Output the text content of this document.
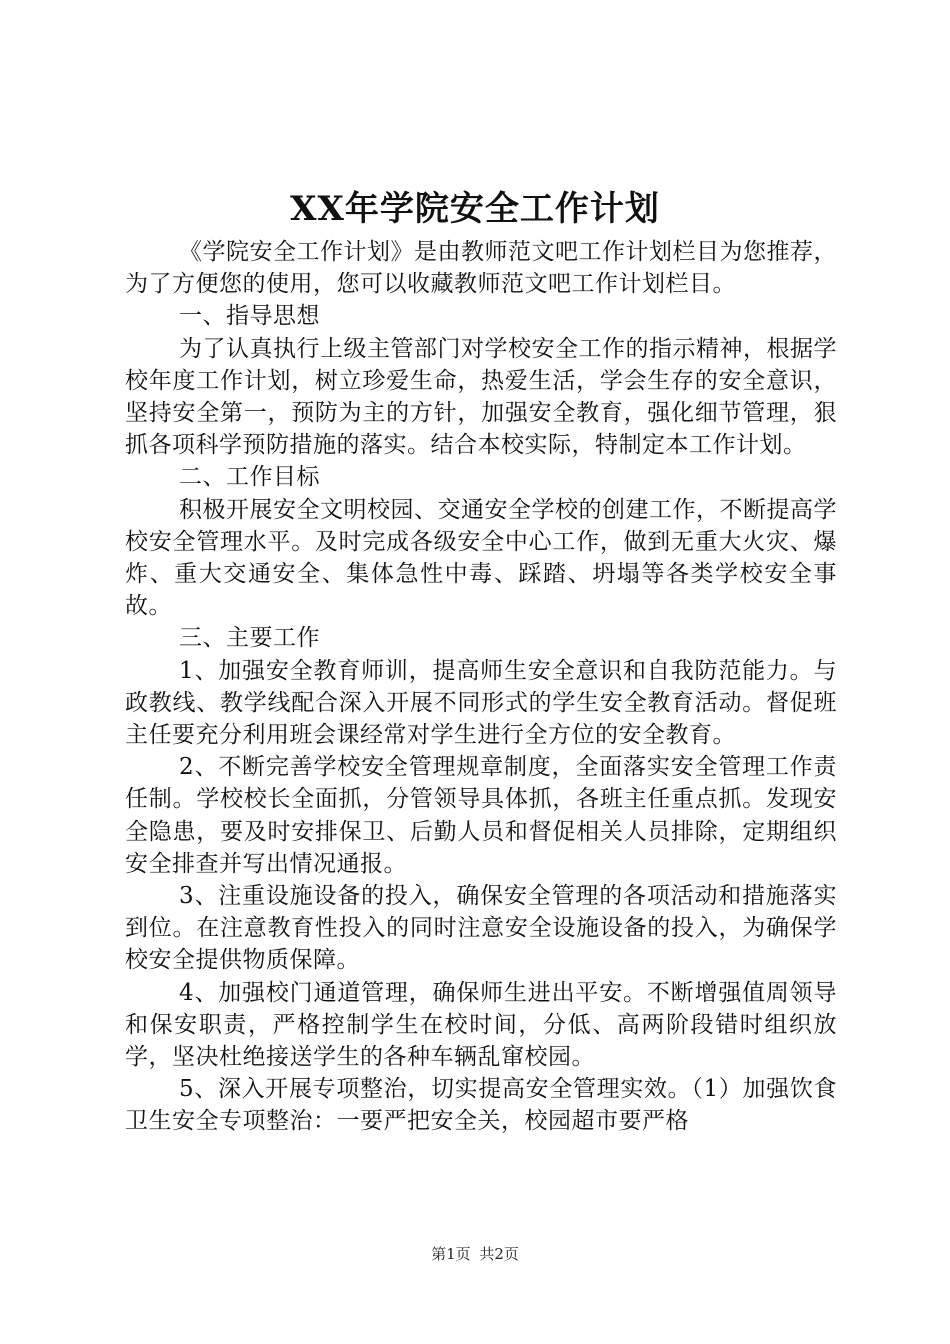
XX年学院安全工作计划

《学院安全工作计划》是由教师范文吧工作计划栏目为您推荐，为了方便您的使用，您可以收藏教师范文吧工作计划栏目。

一、指导思想

为了认真执行上级主管部门对学校安全工作的指示精神，根据学校年度工作计划，树立珍爱生命，热爱生活，学会生存的安全意识，坚持安全第一，预防为主的方针，加强安全教育，强化细节管理，狠抓各项科学预防措施的落实。结合本校实际，特制定本工作计划。

二、工作目标

积极开展安全文明校园、交通安全学校的创建工作，不断提高学校安全管理水平。及时完成各级安全中心工作，做到无重大火灾、爆炸、重大交通安全、集体急性中毒、踩踏、坍塌等各类学校安全事故。

三、主要工作

1、加强安全教育师训，提高师生安全意识和自我防范能力。与政教线、教学线配合深入开展不同形式的学生安全教育活动。督促班主任要充分利用班会课经常对学生进行全方位的安全教育。

2、不断完善学校安全管理规章制度，全面落实安全管理工作责任制。学校校长全面抓，分管领导具体抓，各班主任重点抓。发现安全隐患，要及时安排保卫、后勤人员和督促相关人员排除，定期组织安全排查并写出情况通报。

3、注重设施设备的投入，确保安全管理的各项活动和措施落实到位。在注意教育性投入的同时注意安全设施设备的投入，为确保学校安全提供物质保障。

4、加强校门通道管理，确保师生进出平安。不断增强值周领导和保安职责，严格控制学生在校时间，分低、高两阶段错时组织放学，坚决杜绝接送学生的各种车辆乱窜校园。

5、深入开展专项整治，切实提高安全管理实效。（1）加强饮食卫生安全专项整治：一要严把安全关，校园超市要严格

第1页 共2页
